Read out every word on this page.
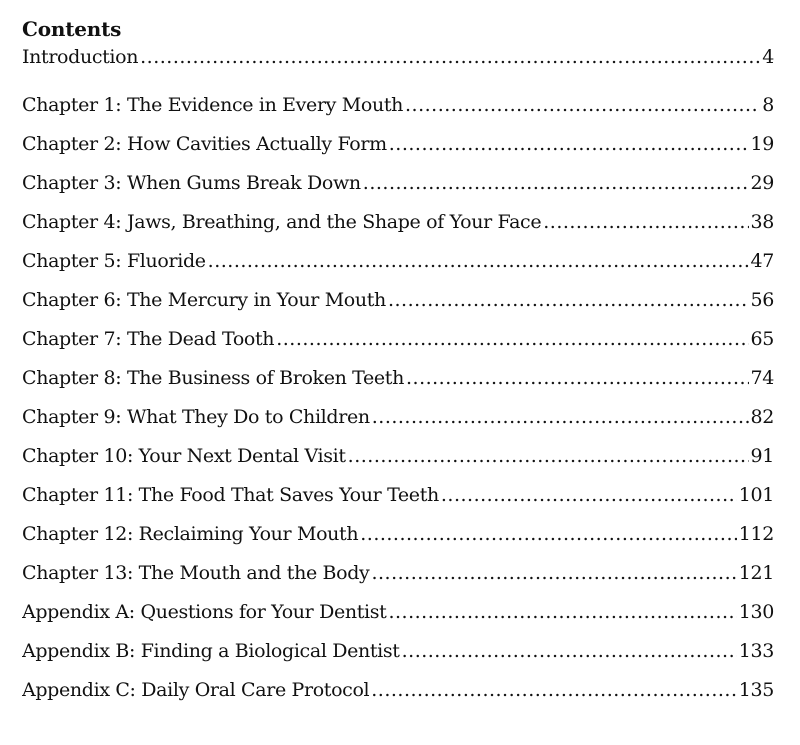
Contents
Introduction .....	4
Chapter 1: The Evidence in Every Mouth .....	8
Chapter 2: How Cavities Actually Form .....	19
Chapter 3: When Gums Break Down .....	29
Chapter 4: Jaws, Breathing, and the Shape of Your Face .....	38
Chapter 5: Fluoride .....	47
Chapter 6: The Mercury in Your Mouth .....	56
Chapter 7: The Dead Tooth .....	65
Chapter 8: The Business of Broken Teeth .....	74
Chapter 9: What They Do to Children .....	82
Chapter 10: Your Next Dental Visit .....	91
Chapter 11: The Food That Saves Your Teeth .....	101
Chapter 12: Reclaiming Your Mouth .....	112
Chapter 13: The Mouth and the Body .....	121
Appendix A: Questions for Your Dentist .....	130
Appendix B: Finding a Biological Dentist .....	133
Appendix C: Daily Oral Care Protocol .....	135
